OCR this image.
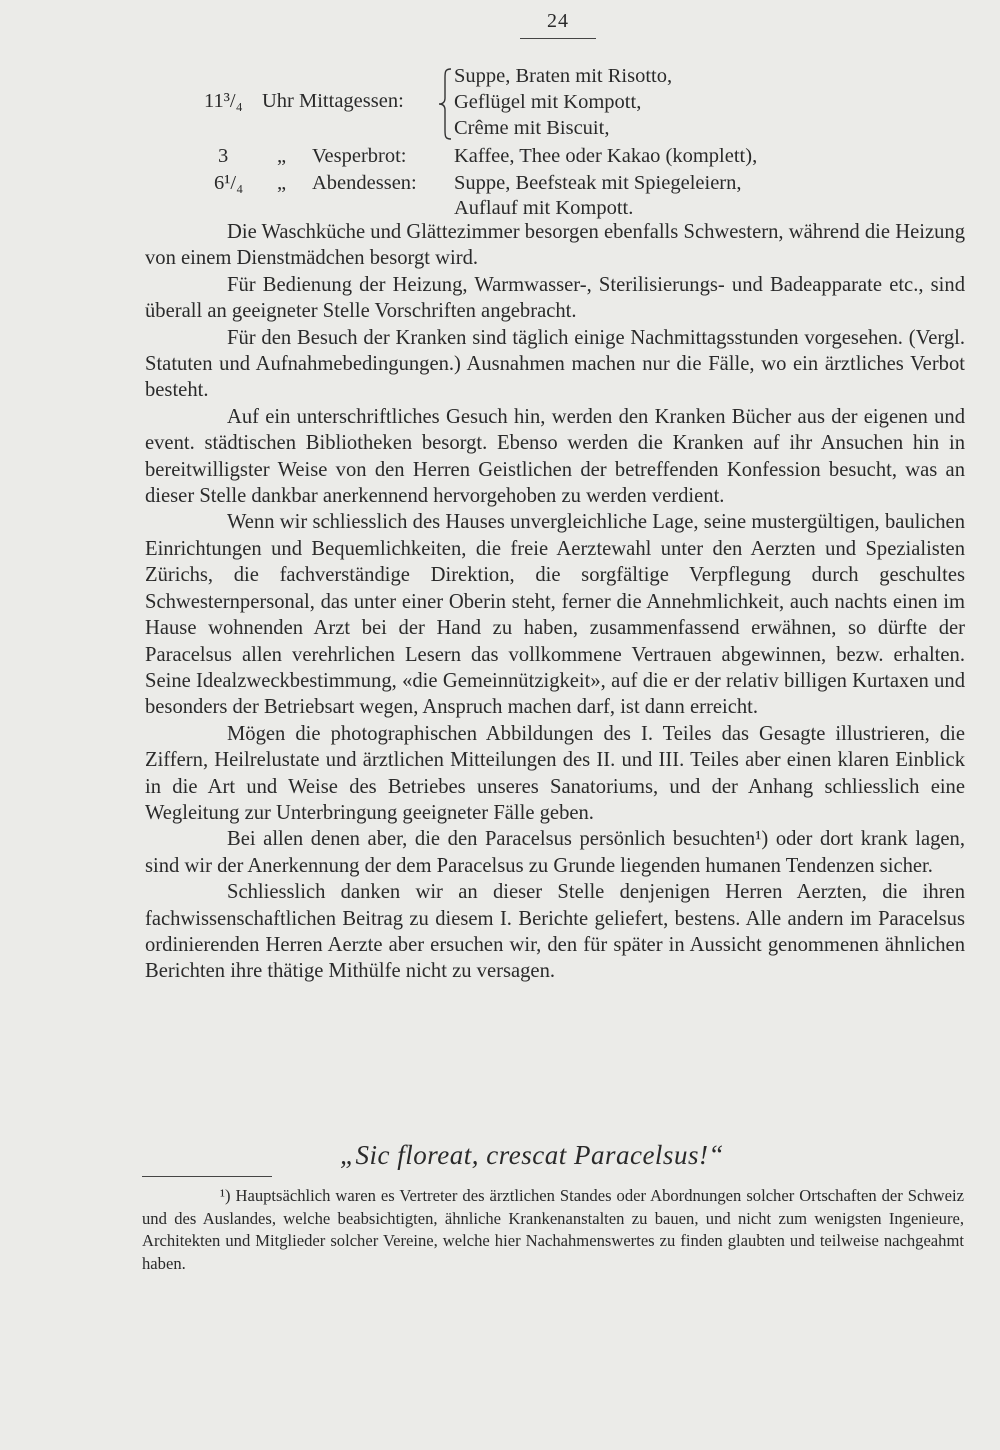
24
11³/₄ Uhr Mittagessen:
Suppe, Braten mit Risotto,
Geflügel mit Kompott,
Crême mit Biscuit,
3 „ Vesperbrot: Kaffee, Thee oder Kakao (komplett),
6¹/₄ „ Abendessen: Suppe, Beefsteak mit Spiegeleiern,
Auflauf mit Kompott.

Die Waschküche und Glättezimmer besorgen ebenfalls Schwestern, während die Heizung von einem Dienstmädchen besorgt wird.

Für Bedienung der Heizung, Warmwasser-, Sterilisierungs- und Badeapparate etc., sind überall an geeigneter Stelle Vorschriften angebracht.

Für den Besuch der Kranken sind täglich einige Nachmittagsstunden vorgesehen. (Vergl. Statuten und Aufnahmebedingungen.) Ausnahmen machen nur die Fälle, wo ein ärztliches Verbot besteht.

Auf ein unterschriftliches Gesuch hin, werden den Kranken Bücher aus der eigenen und event. städtischen Bibliotheken besorgt. Ebenso werden die Kranken auf ihr Ansuchen hin in bereitwilligster Weise von den Herren Geistlichen der betreffenden Konfession besucht, was an dieser Stelle dankbar anerkennend hervorgehoben zu werden verdient.

Wenn wir schliesslich des Hauses unvergleichliche Lage, seine mustergültigen, baulichen Einrichtungen und Bequemlichkeiten, die freie Aerztewahl unter den Aerzten und Spezialisten Zürichs, die fachverständige Direktion, die sorgfältige Verpflegung durch geschultes Schwesternpersonal, das unter einer Oberin steht, ferner die Annehmlichkeit, auch nachts einen im Hause wohnenden Arzt bei der Hand zu haben, zusammenfassend erwähnen, so dürfte der Paracelsus allen verehrlichen Lesern das vollkommene Vertrauen abgewinnen, bezw. erhalten. Seine Idealzweckbestimmung, «die Gemeinnützigkeit», auf die er der relativ billigen Kurtaxen und besonders der Betriebsart wegen, Anspruch machen darf, ist dann erreicht.

Mögen die photographischen Abbildungen des I. Teiles das Gesagte illustrieren, die Ziffern, Heilrelustate und ärztlichen Mitteilungen des II. und III. Teiles aber einen klaren Einblick in die Art und Weise des Betriebes unseres Sanatoriums, und der Anhang schliesslich eine Wegleitung zur Unterbringung geeigneter Fälle geben.

Bei allen denen aber, die den Paracelsus persönlich besuchten¹) oder dort krank lagen, sind wir der Anerkennung der dem Paracelsus zu Grunde liegenden humanen Tendenzen sicher.

Schliesslich danken wir an dieser Stelle denjenigen Herren Aerzten, die ihren fachwissenschaftlichen Beitrag zu diesem I. Berichte geliefert, bestens. Alle andern im Paracelsus ordinierenden Herren Aerzte aber ersuchen wir, den für später in Aussicht genommenen ähnlichen Berichten ihre thätige Mithülfe nicht zu versagen.

„Sic floreat, crescat Paracelsus!“

¹) Hauptsächlich waren es Vertreter des ärztlichen Standes oder Abordnungen solcher Ortschaften der Schweiz und des Auslandes, welche beabsichtigten, ähnliche Krankenanstalten zu bauen, und nicht zum wenigsten Ingenieure, Architekten und Mitglieder solcher Vereine, welche hier Nachahmenswertes zu finden glaubten und teilweise nachgeahmt haben.
